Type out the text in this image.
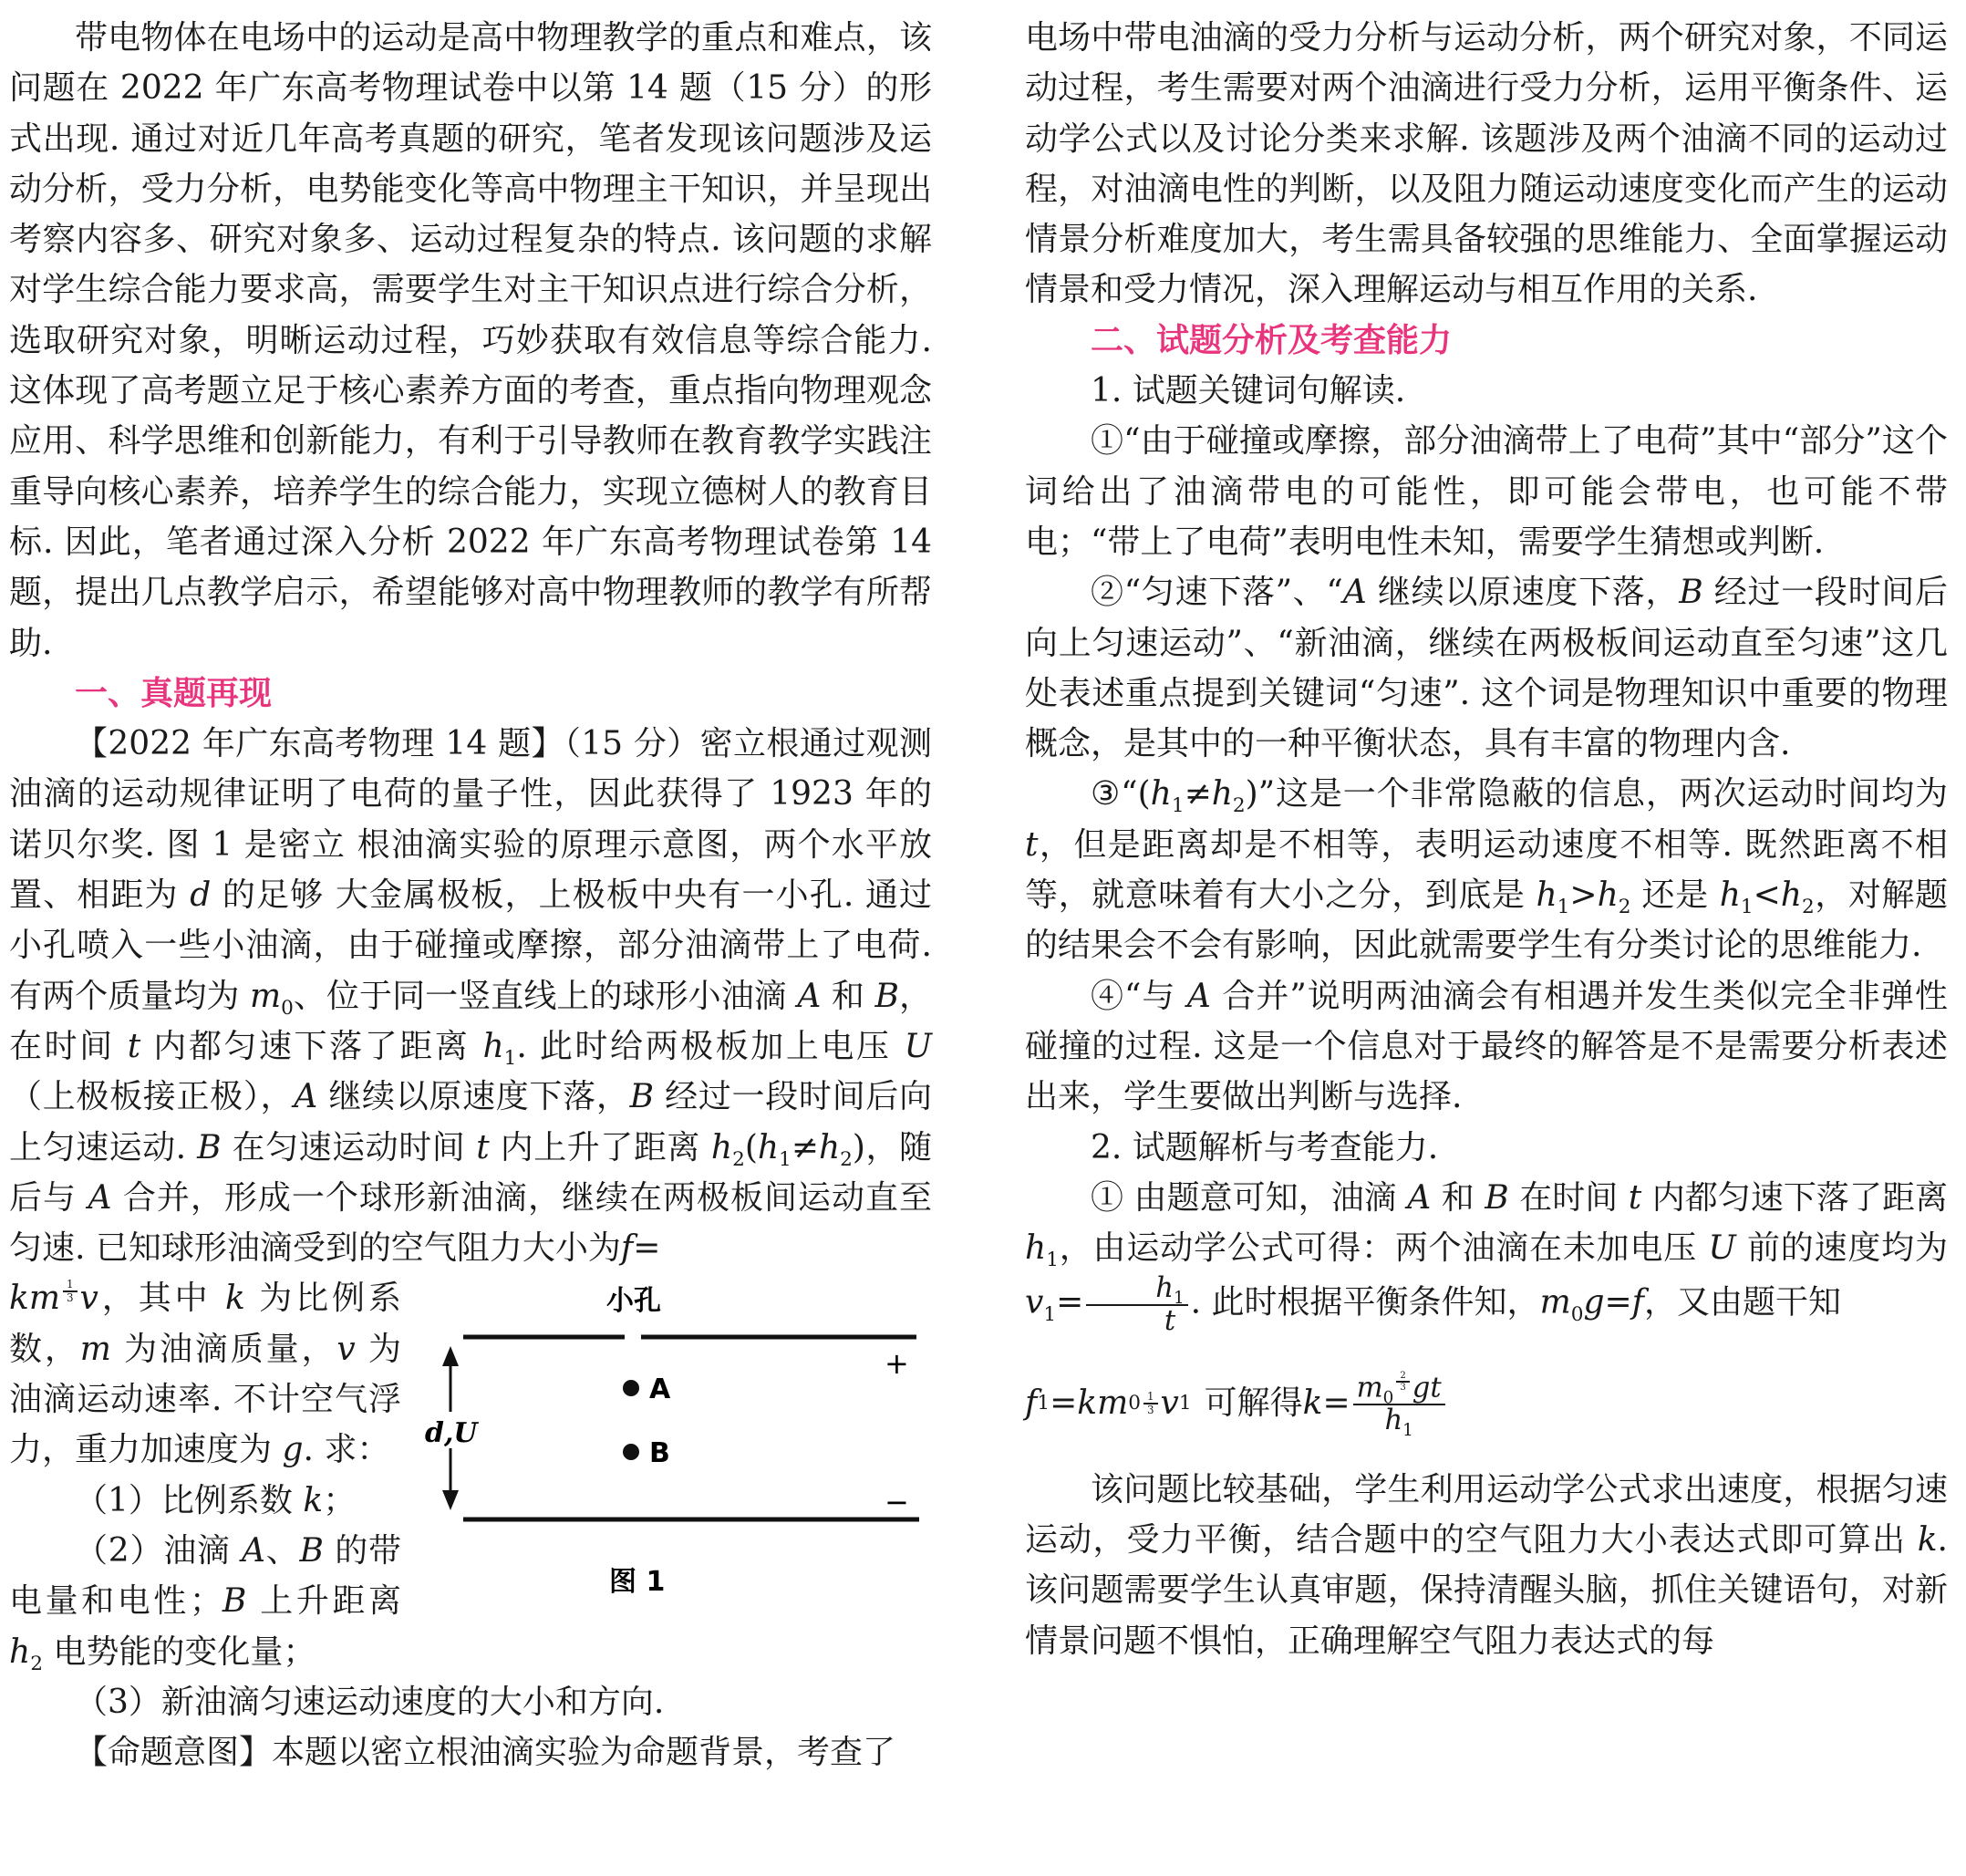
带电物体在电场中的运动是高中物理教学的重点和难点，该问题在 2022 年广东高考物理试卷中以第 14 题（15 分）的形式出现. 通过对近几年高考真题的研究，笔者发现该问题涉及运动分析，受力分析，电势能变化等高中物理主干知识，并呈现出考察内容多、研究对象多、运动过程复杂的特点. 该问题的求解对学生综合能力要求高，需要学生对主干知识点进行综合分析，选取研究对象，明晰运动过程，巧妙获取有效信息等综合能力. 这体现了高考题立足于核心素养方面的考查，重点指向物理观念应用、科学思维和创新能力，有利于引导教师在教育教学实践注重导向核心素养，培养学生的综合能力，实现立德树人的教育目标. 因此，笔者通过深入分析 2022 年广东高考物理试卷第 14 题，提出几点教学启示，希望能够对高中物理教师的教学有所帮助.

一、真题再现

【2022 年广东高考物理 14 题】（15 分）密立根通过观测油滴的运动规律证明了电荷的量子性，因此获得了 1923 年的诺贝尔奖. 图 1 是密立 根油滴实验的原理示意图，两个水平放置、相距为 d 的足够 大金属极板，上极板中央有一小孔. 通过小孔喷入一些小油滴，由于碰撞或摩擦，部分油滴带上了电荷. 有两个质量均为 $m_0$、位于同一竖直线上的球形小油滴 A 和 B，在时间 t 内都匀速下落了距离 $h_1$. 此时给两极板加上电压 U（上极板接正极），A 继续以原速度下落，B 经过一段时间后向上匀速运动. B 在匀速运动时间 t 内上升了距离 $h_2(h_1\ne h_2)$，随后与 A 合并，形成一个球形新油滴，继续在两极板间运动直至匀速. 已知球形油滴受到的空气阻力大小为f=

km $^{\frac{1}{3}}$ v，其中 k 为比例系数，m 为油滴质量，v 为油滴运动速率. 不计空气浮力，重力加速度为 g. 求：

（1）比例系数 k；

（2）油滴 A、B 的带电量和电性；B 上升距离 $h_2$ 电势能的变化量；

小孔
+
−
A
B
d,U
图 1

（3）新油滴匀速运动速度的大小和方向.

【命题意图】本题以密立根油滴实验为命题背景，考查了

电场中带电油滴的受力分析与运动分析，两个研究对象，不同运动过程，考生需要对两个油滴进行受力分析，运用平衡条件、运动学公式以及讨论分类来求解. 该题涉及两个油滴不同的运动过程，对油滴电性的判断，以及阻力随运动速度变化而产生的运动情景分析难度加大，考生需具备较强的思维能力、全面掌握运动情景和受力情况，深入理解运动与相互作用的关系.

二、试题分析及考查能力

1. 试题关键词句解读.

①“由于碰撞或摩擦，部分油滴带上了电荷”其中“部分”这个词给出了油滴带电的可能性，即可能会带电，也可能不带电；“带上了电荷”表明电性未知，需要学生猜想或判断.

②“匀速下落”、“A 继续以原速度下落，B 经过一段时间后向上匀速运动”、“新油滴，继续在两极板间运动直至匀速”这几处表述重点提到关键词“匀速”. 这个词是物理知识中重要的物理概念，是其中的一种平衡状态，具有丰富的物理内含.

$③“(h_1\ne h_2)$”这是一个非常隐蔽的信息，两次运动时间均为 t，但是距离却是不相等，表明运动速度不相等. 既然距离不相等，就意味着有大小之分，到底是 $h_1>h_2$ 还是 $h_1<h_2$，对解题的结果会不会有影响，因此就需要学生有分类讨论的思维能力.

④“与 A 合并”说明两油滴会有相遇并发生类似完全非弹性碰撞的过程. 这是一个信息对于最终的解答是不是需要分析表述出来，学生要做出判断与选择.

2. 试题解析与考查能力.

① 由题意可知，油滴 A 和 B 在时间 t 内都匀速下落了距离 $h_1$，由运动学公式可得：两个油滴在未加电压 U 前的速度均为 $v_1= \frac{h_1}{t}$ . 此时根据平衡条件知，$m_0g=f$，又由题干知

f 1 = k m $0 \frac{1}{3}$ v 1 可解得 $k = m_0$
$^{\frac{2}{3}}$ gt
$h_1$

该问题比较基础，学生利用运动学公式求出速度，根据匀速运动，受力平衡，结合题中的空气阻力大小表达式即可算出 k. 该问题需要学生认真审题，保持清醒头脑，抓住关键语句，对新情景问题不惧怕，正确理解空气阻力表达式的每
